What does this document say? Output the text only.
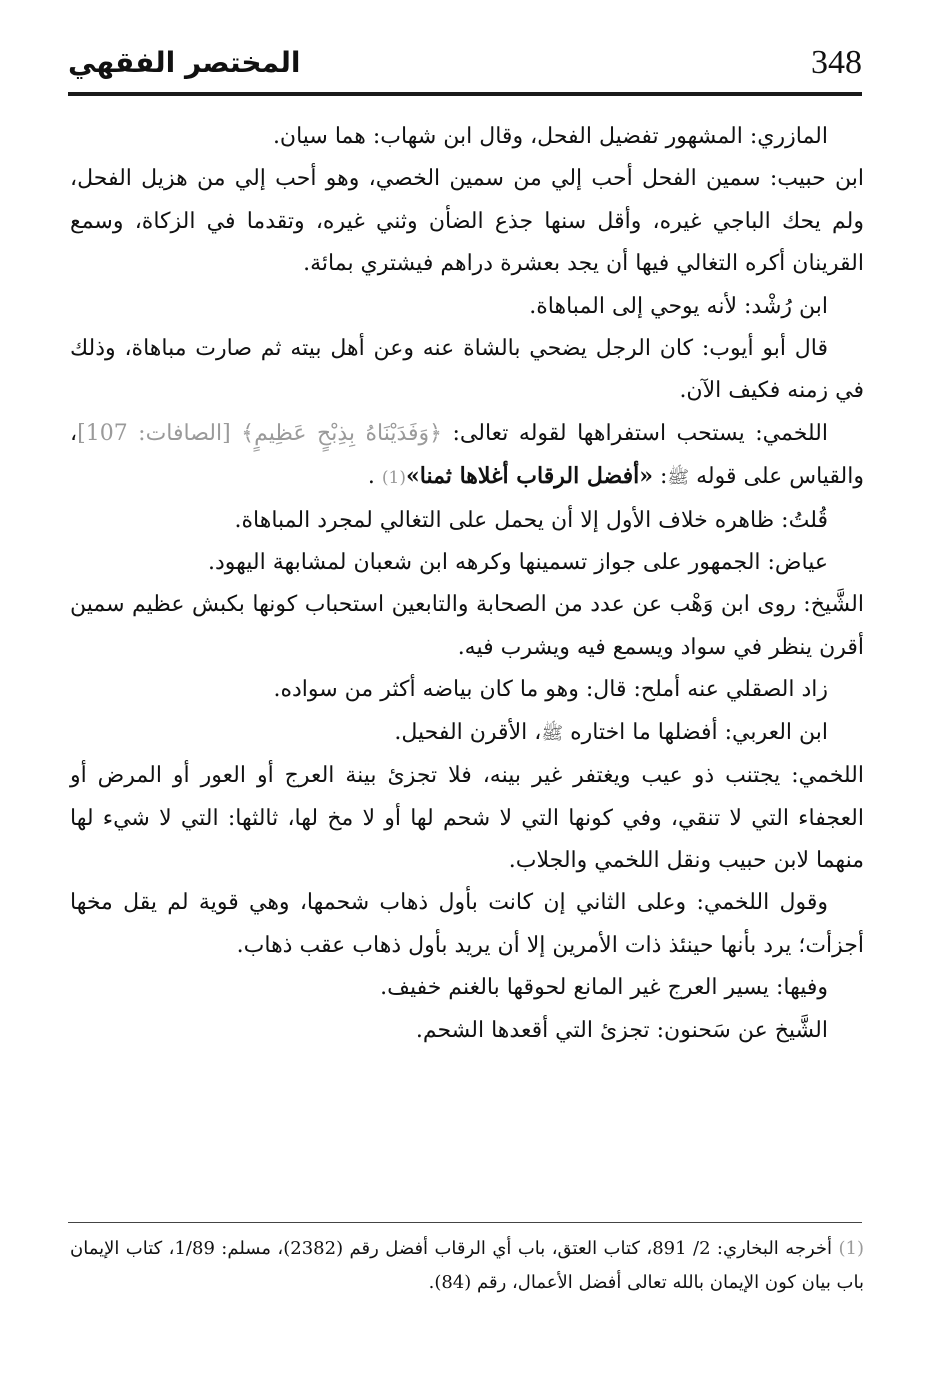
348
المختصر الفقهي

المازري: المشهور تفضيل الفحل، وقال ابن شهاب: هما سيان.

ابن حبيب: سمين الفحل أحب إلي من سمين الخصي، وهو أحب إلي من هزيل الفحل، ولم يحك الباجي غيره، وأقل سنها جذع الضأن وثني غيره، وتقدما في الزكاة، وسمع القرينان أكره التغالي فيها أن يجد بعشرة دراهم فيشتري بمائة.

ابن رُشْد: لأنه يوحي إلى المباهاة.

قال أبو أيوب: كان الرجل يضحي بالشاة عنه وعن أهل بيته ثم صارت مباهاة، وذلك في زمنه فكيف الآن.

اللخمي: يستحب استفراهها لقوله تعالى: ﴿وَفَدَيْنَاهُ بِذِبْحٍ عَظِيمٍ﴾ [الصافات: 107]، والقياس على قوله ﷺ: «أفضل الرقاب أغلاها ثمنا»(1) .

قُلتُ: ظاهره خلاف الأول إلا أن يحمل على التغالي لمجرد المباهاة.

عياض: الجمهور على جواز تسمينها وكرهه ابن شعبان لمشابهة اليهود.

الشَّيخ: روى ابن وَهْب عن عدد من الصحابة والتابعين استحباب كونها بكبش عظيم سمين أقرن ينظر في سواد ويسمع فيه ويشرب فيه.

زاد الصقلي عنه أملح: قال: وهو ما كان بياضه أكثر من سواده.

ابن العربي: أفضلها ما اختاره ﷺ، الأقرن الفحيل.

اللخمي: يجتنب ذو عيب ويغتفر غير بينه، فلا تجزئ بينة العرج أو العور أو المرض أو العجفاء التي لا تنقي، وفي كونها التي لا شحم لها أو لا مخ لها، ثالثها: التي لا شيء لها منهما لابن حبيب ونقل اللخمي والجلاب.

وقول اللخمي: وعلى الثاني إن كانت بأول ذهاب شحمها، وهي قوية لم يقل مخها أجزأت؛ يرد بأنها حينئذ ذات الأمرين إلا أن يريد بأول ذهاب عقب ذهاب.

وفيها: يسير العرج غير المانع لحوقها بالغنم خفيف.

الشَّيخ عن سَحنون: تجزئ التي أقعدها الشحم.

(1) أخرجه البخاري: 2/ 891، كتاب العتق، باب أي الرقاب أفضل رقم (2382)، مسلم: 1/89، كتاب الإيمان باب بيان كون الإيمان بالله تعالى أفضل الأعمال، رقم (84).
